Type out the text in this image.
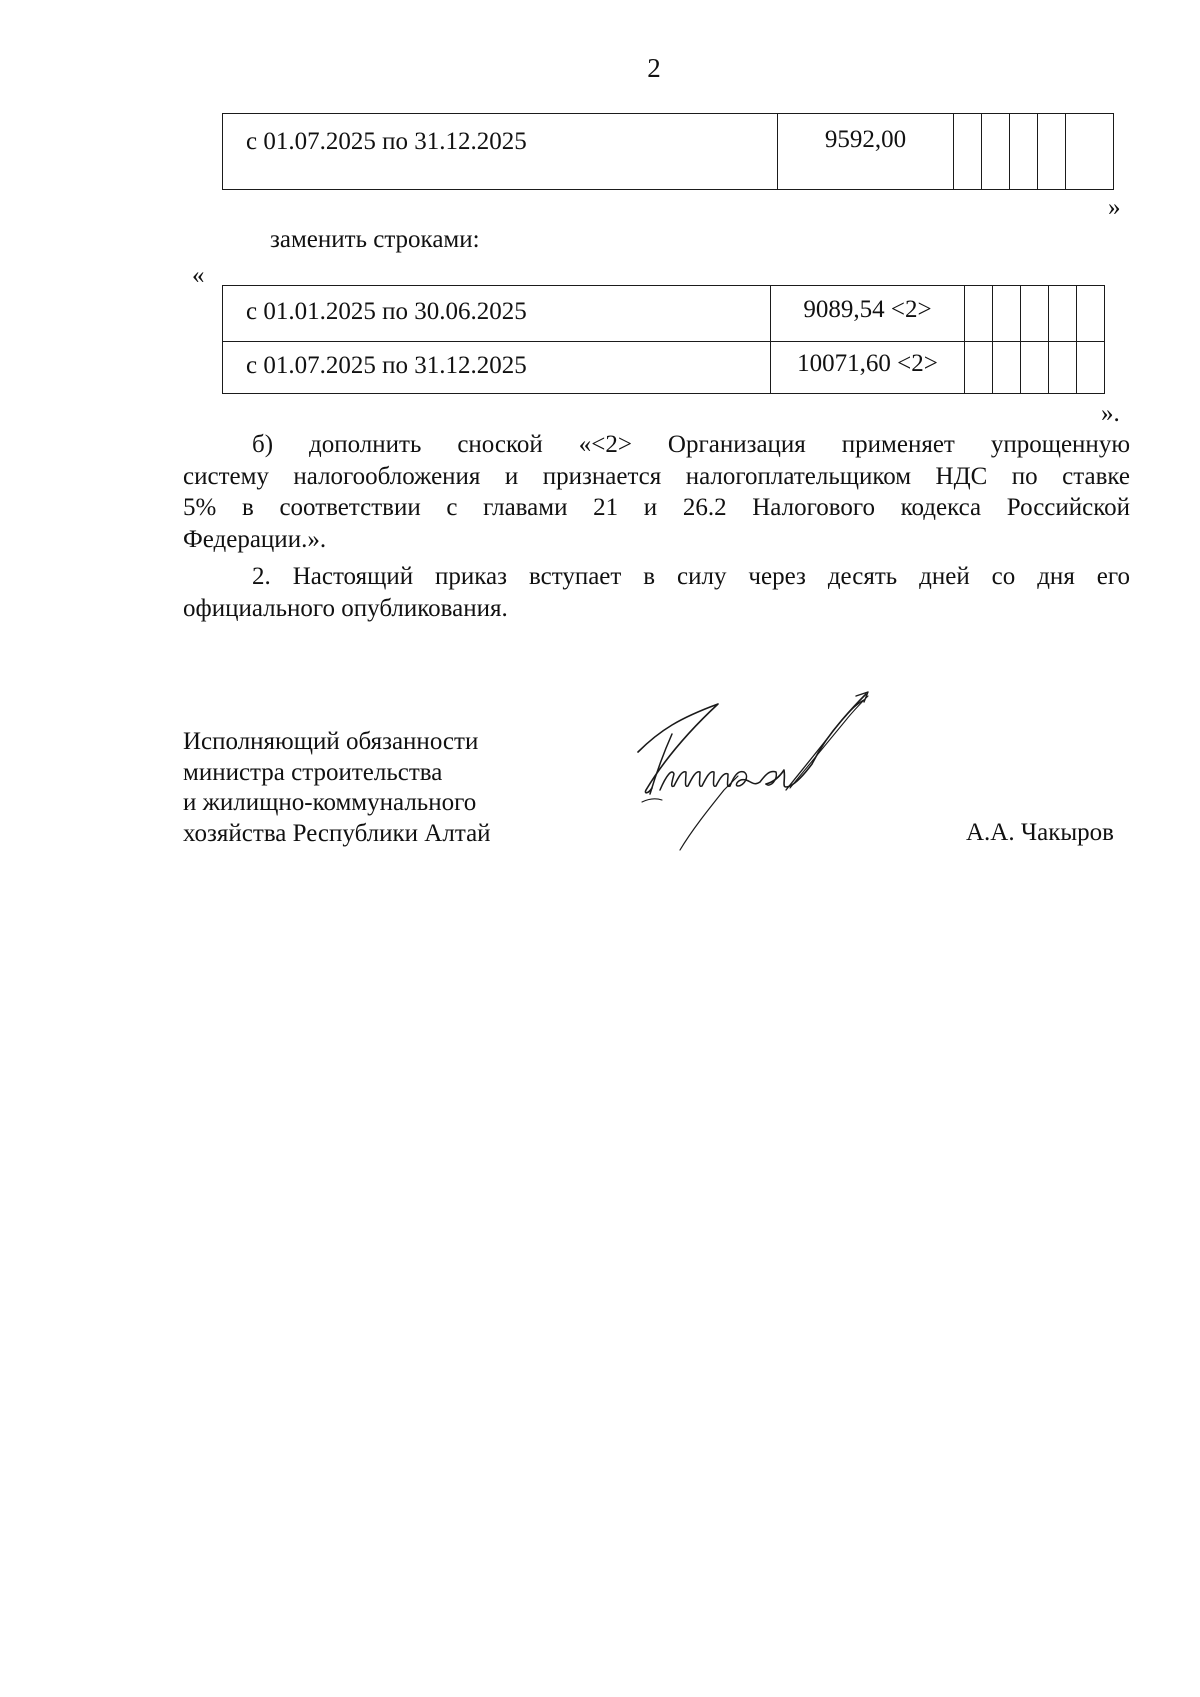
2
с 01.07.2025 по 31.12.2025	9592,00

»
заменить строками:
«
с 01.01.2025 по 30.06.2025	9089,54 <2>					

с 01.07.2025 по 31.12.2025	10071,60 <2>					

».
б) дополнить сноской «<2> Организация применяет упрощенную
систему налогообложения и признается налогоплательщиком НДС по ставке
5% в соответствии с главами 21 и 26.2 Налогового кодекса Российской
Федерации.».
2. Настоящий приказ вступает в силу через десять дней со дня его
официального опубликования.
Исполняющий обязанности
министра строительства
и жилищно-коммунального
хозяйства Республики Алтай	А.А. Чакыров
